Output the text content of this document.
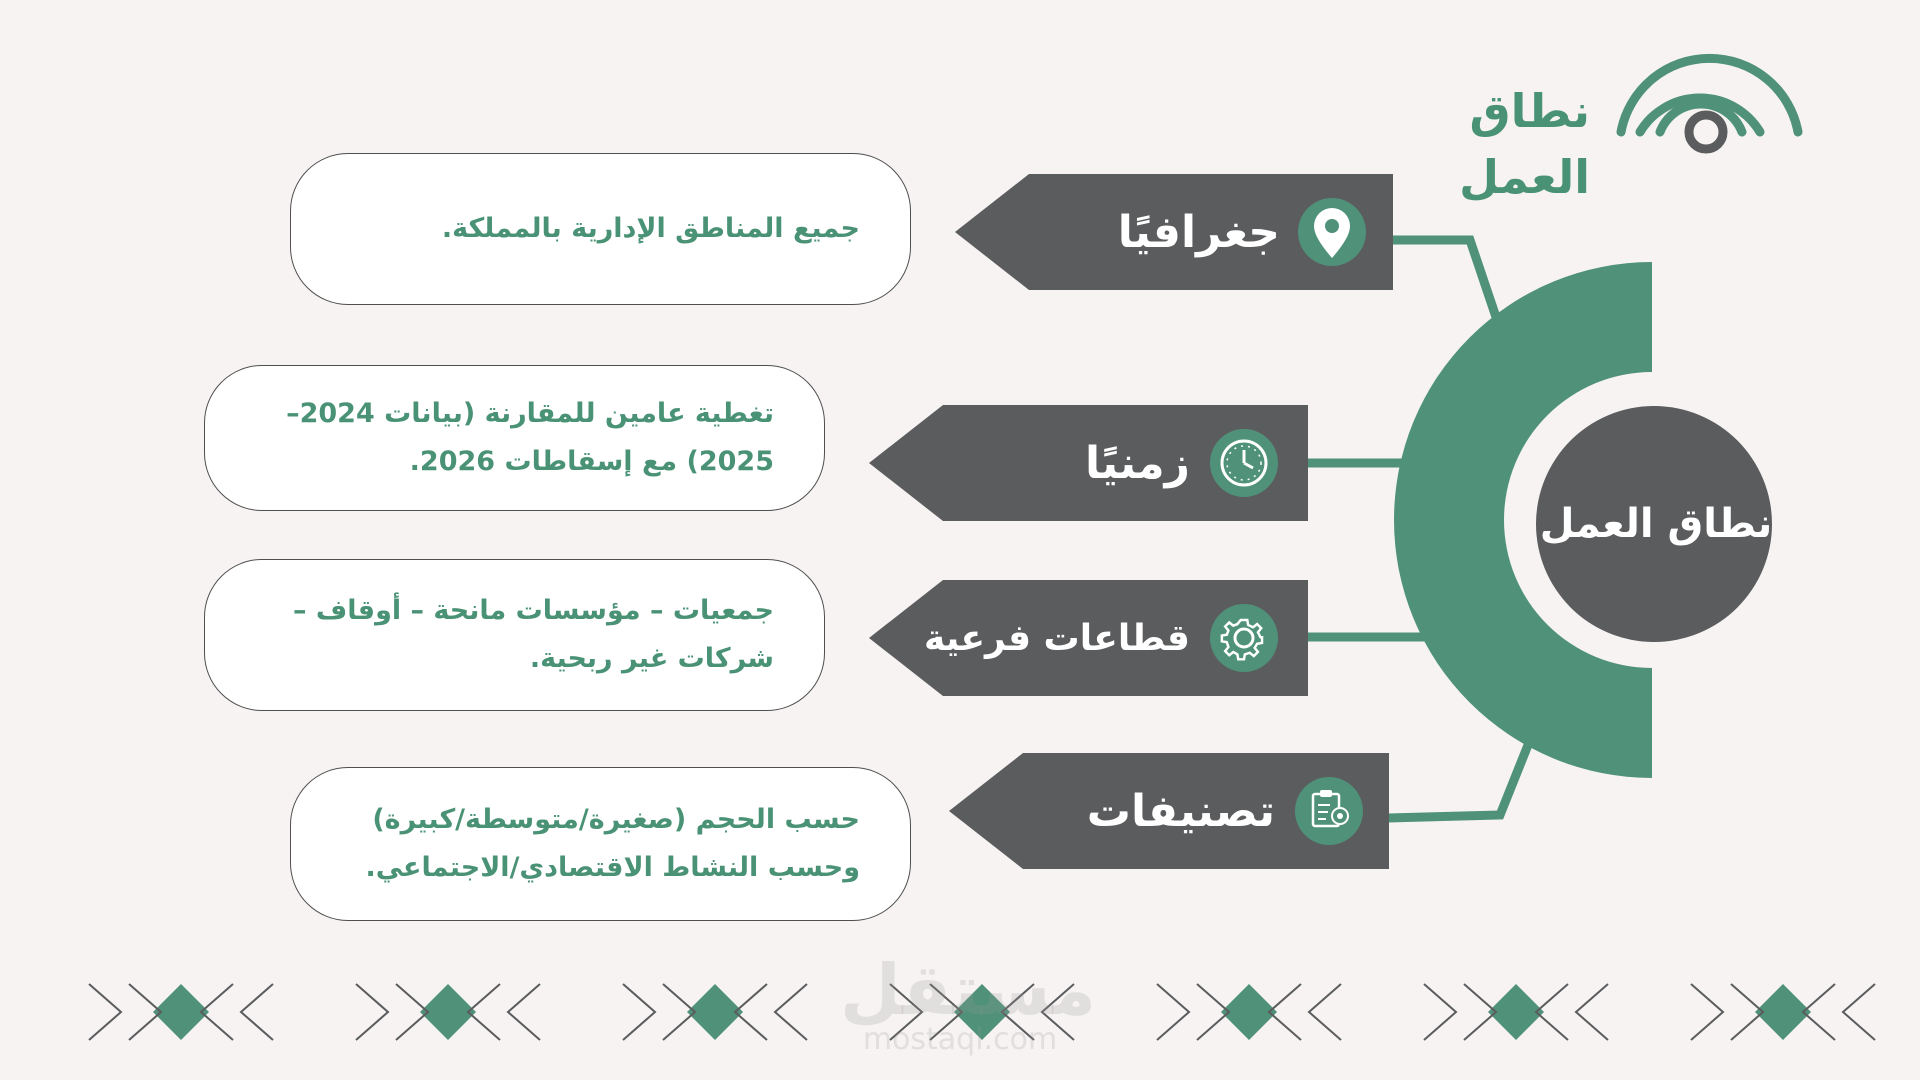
نطاق العمل
نطاق العمل
جغرافيًا
زمنيًا
قطاعات فرعية
تصنيفات
جميع المناطق الإدارية بالمملكة.
تغطية عامين للمقارنة (بيانات 2024–2025) مع إسقاطات 2026.
جمعيات – مؤسسات مانحة – أوقاف – شركات غير ربحية.
حسب الحجم (صغيرة/متوسطة/كبيرة) وحسب النشاط الاقتصادي/الاجتماعي.
مستقل
mostaql.com
